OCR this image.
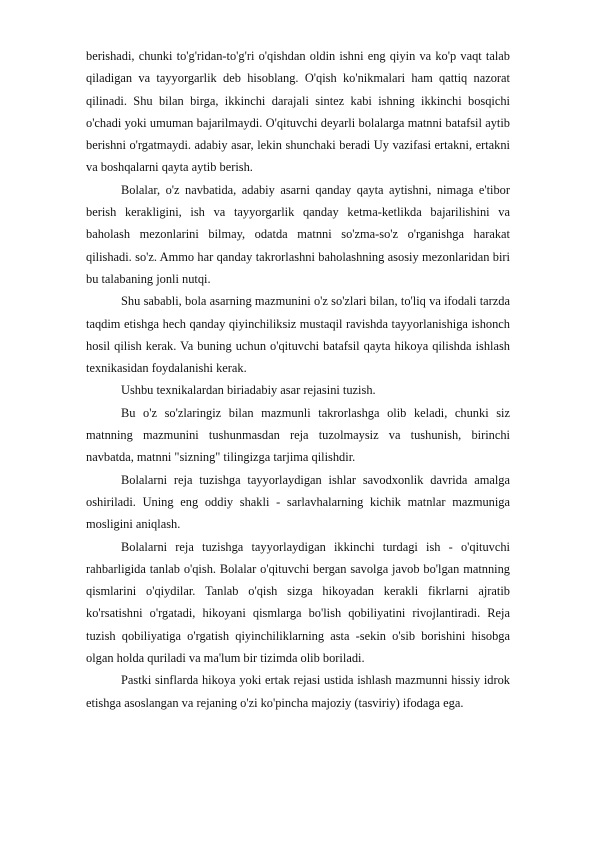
berishadi, chunki to'g'ridan-to'g'ri o'qishdan oldin ishni eng qiyin va ko'p vaqt talab qiladigan va tayyorgarlik deb hisoblang. O'qish ko'nikmalari ham qattiq nazorat qilinadi. Shu bilan birga, ikkinchi darajali sintez kabi ishning ikkinchi bosqichi o'chadi yoki umuman bajarilmaydi. O'qituvchi deyarli bolalarga matnni batafsil aytib berishni o'rgatmaydi. adabiy asar, lekin shunchaki beradi Uy vazifasi ertakni, ertakni va boshqalarni qayta aytib berish.

Bolalar, o'z navbatida, adabiy asarni qanday qayta aytishni, nimaga e'tibor berish kerakligini, ish va tayyorgarlik qanday ketma-ketlikda bajarilishini va baholash mezonlarini bilmay, odatda matnni so'zma-so'z o'rganishga harakat qilishadi. so'z. Ammo har qanday takrorlashni baholashning asosiy mezonlaridan biri bu talabaning jonli nutqi.

Shu sababli, bola asarning mazmunini o'z so'zlari bilan, to'liq va ifodali tarzda taqdim etishga hech qanday qiyinchiliksiz mustaqil ravishda tayyorlanishiga ishonch hosil qilish kerak. Va buning uchun o'qituvchi batafsil qayta hikoya qilishda ishlash texnikasidan foydalanishi kerak.

Ushbu texnikalardan biriadabiy asar rejasini tuzish.

Bu o'z so'zlaringiz bilan mazmunli takrorlashga olib keladi, chunki siz matnning mazmunini tushunmasdan reja tuzolmaysiz va tushunish, birinchi navbatda, matnni "sizning" tilingizga tarjima qilishdir.

Bolalarni reja tuzishga tayyorlaydigan ishlar savodxonlik davrida amalga oshiriladi. Uning eng oddiy shakli - sarlavhalarning kichik matnlar mazmuniga mosligini aniqlash.

Bolalarni reja tuzishga tayyorlaydigan ikkinchi turdagi ish - o'qituvchi rahbarligida tanlab o'qish. Bolalar o'qituvchi bergan savolga javob bo'lgan matnning qismlarini o'qiydilar. Tanlab o'qish sizga hikoyadan kerakli fikrlarni ajratib ko'rsatishni o'rgatadi, hikoyani qismlarga bo'lish qobiliyatini rivojlantiradi. Reja tuzish qobiliyatiga o'rgatish qiyinchiliklarning asta -sekin o'sib borishini hisobga olgan holda quriladi va ma'lum bir tizimda olib boriladi.

Pastki sinflarda hikoya yoki ertak rejasi ustida ishlash mazmunni hissiy idrok etishga asoslangan va rejaning o'zi ko'pincha majoziy (tasviriy) ifodaga ega.
